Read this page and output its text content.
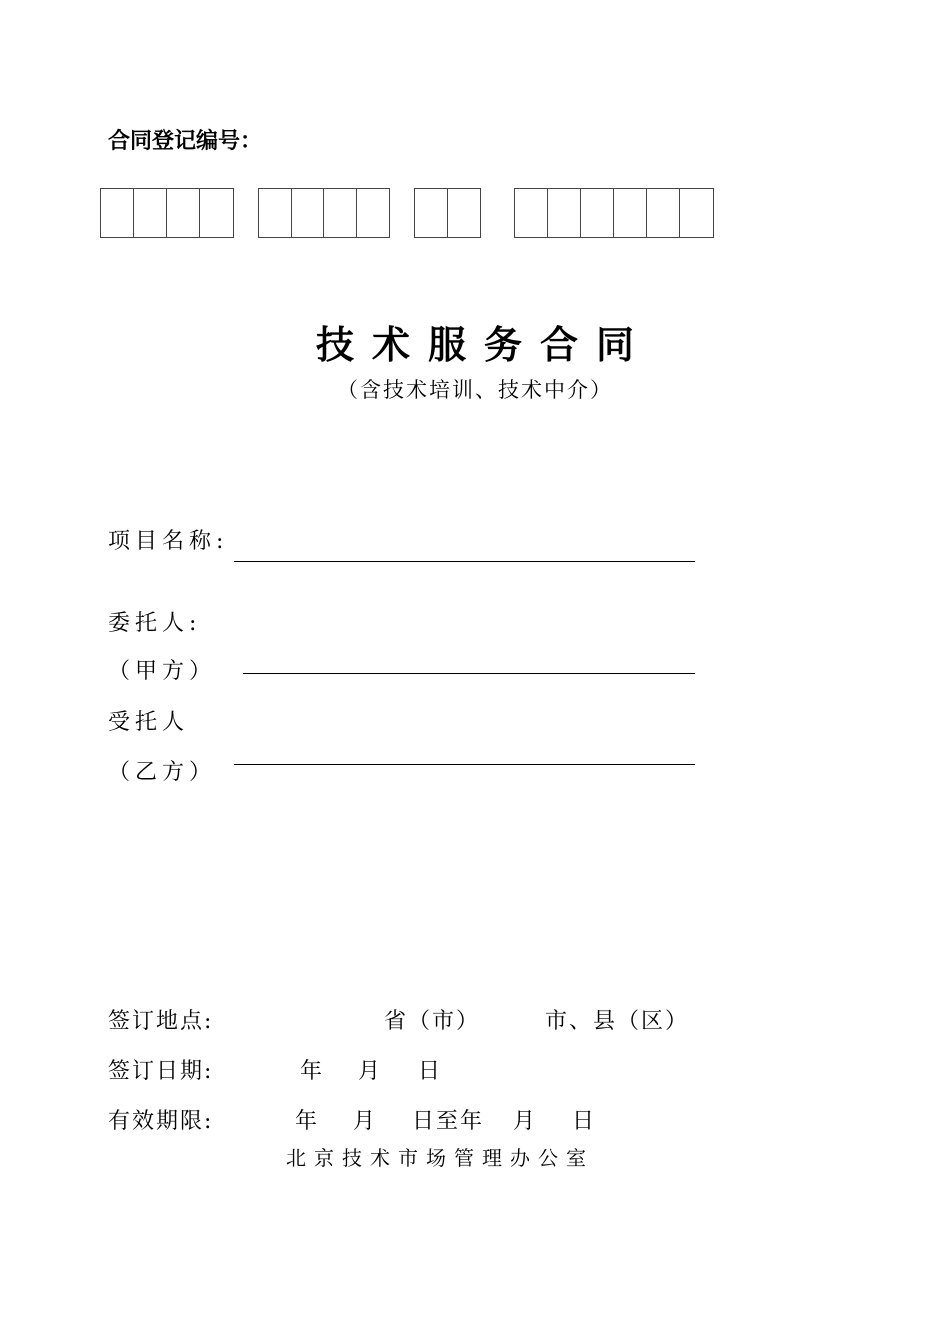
合同登记编号：
技术服务合同
（含技术培训、技术中介）
项目名称:
委托人:
（甲方）
受托人
（乙方）
签订地点:	省（市）	市、县（区）
签订日期:	年 月 日
有效期限:	年 月 日至年 月 日
北京技术市场管理办公室
